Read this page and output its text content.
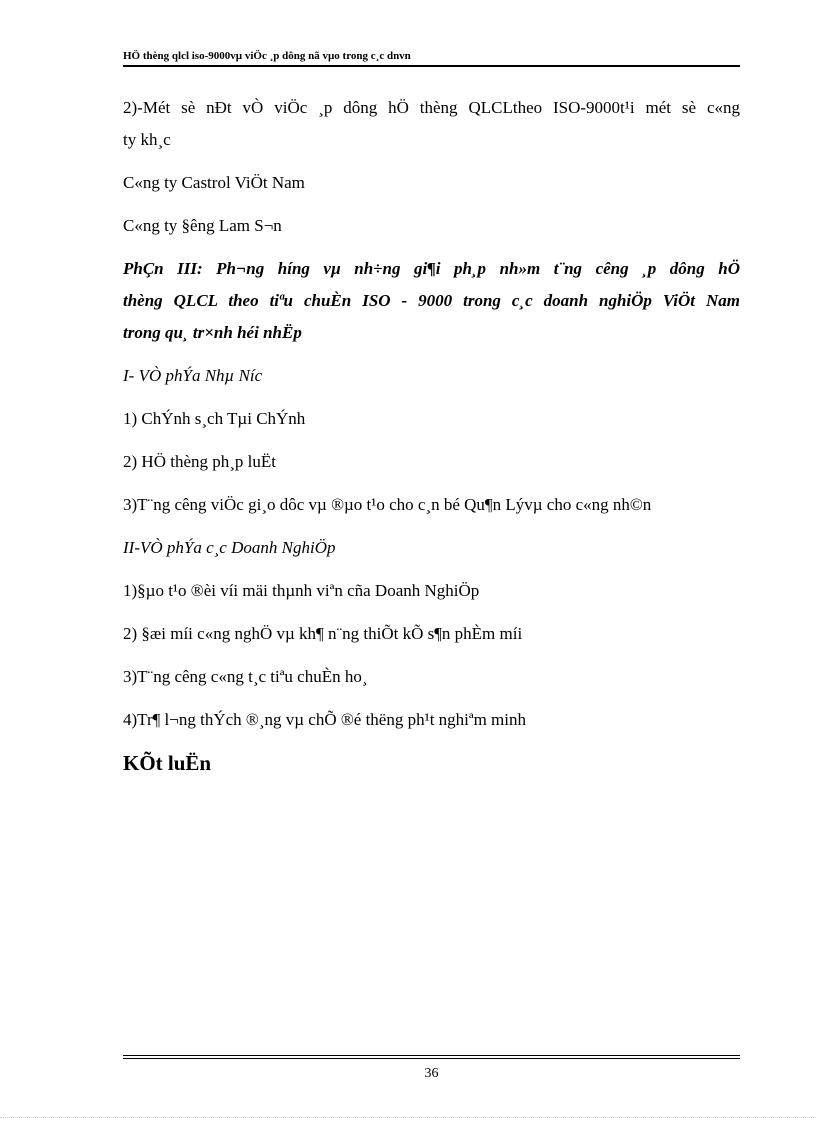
HÖ thèng qlcl iso-9000vµ viÖc ¸p dông nã vµo trong c¸c dnvn
2)-Mét sè nÐt vÒ viÖc ¸p dông hÖ thèng QLCLtheo ISO-9000t¹i mét sè c«ng
ty kh¸c
C«ng ty Castrol ViÖt Nam
C«ng ty §êng Lam S¬n
PhÇn III: Ph¬ng híng vµ nh÷ng gi¶i ph¸p nh»m t¨ng cêng ¸p dông hÖ
thèng QLCL theo tiªu chuÈn ISO - 9000 trong c¸c doanh nghiÖp ViÖt Nam
trong qu¸ tr×nh héi nhËp
I- VÒ phÝa Nhµ Níc
1) ChÝnh s¸ch Tµi ChÝnh
2) HÖ thèng ph¸p luËt
3)T¨ng cêng viÖc gi¸o dôc vµ ®µo t¹o cho c¸n bé Qu¶n Lývµ cho c«ng nh©n
II-VÒ phÝa c¸c Doanh NghiÖp
1)§µo t¹o ®èi víi mäi thµnh viªn cña Doanh NghiÖp
2) §æi míi c«ng nghÖ vµ kh¶ n¨ng thiÕt kÕ s¶n phÈm míi
3)T¨ng cêng c«ng t¸c tiªu chuÈn ho¸
4)Tr¶ l¬ng thÝch ®¸ng vµ chÕ ®é thëng ph¹t nghiªm minh
KÕt luËn
36
